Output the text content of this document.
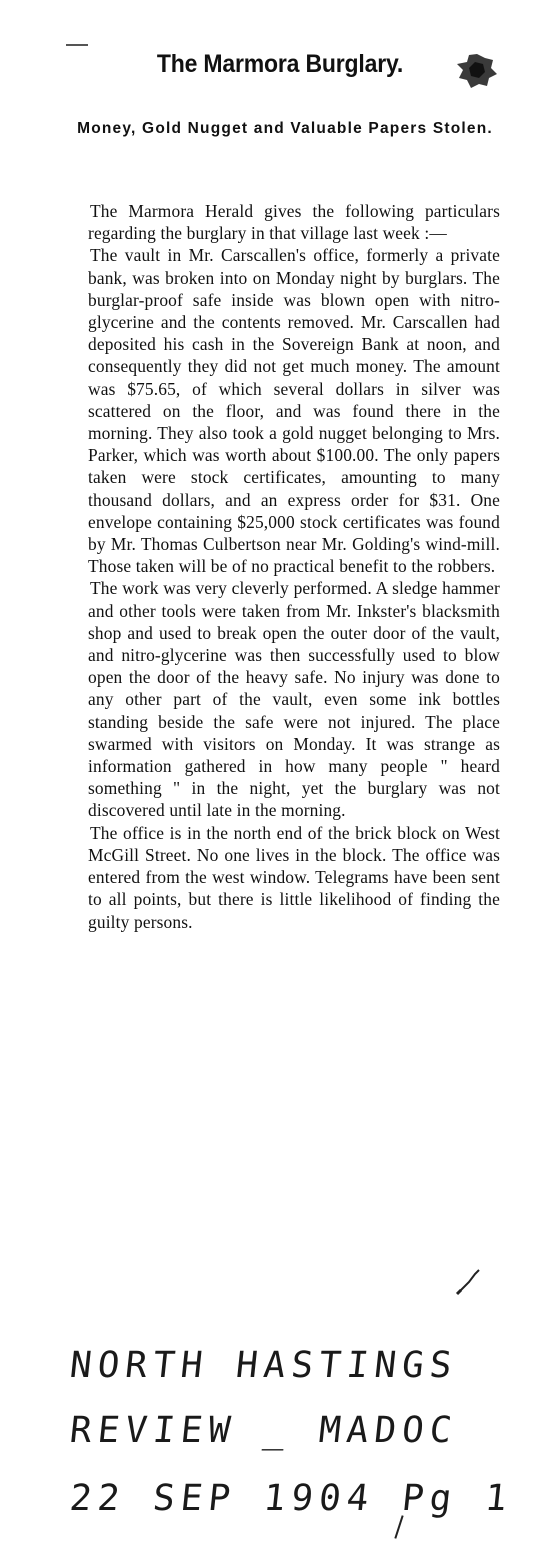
The Marmora Burglary.
Money, Gold Nugget and Valuable Papers Stolen.

The Marmora Herald gives the following particulars regarding the burglary in that village last week :—

The vault in Mr. Carscallen's office, formerly a private bank, was broken into on Monday night by burglars. The burglar-proof safe inside was blown open with nitro-glycerine and the contents removed. Mr. Carscallen had deposited his cash in the Sovereign Bank at noon, and consequently they did not get much money. The amount was $75.65, of which several dollars in silver was scattered on the floor, and was found there in the morning. They also took a gold nugget belonging to Mrs. Parker, which was worth about $100.00. The only papers taken were stock certificates, amounting to many thousand dollars, and an express order for $31. One envelope containing $25,000 stock certificates was found by Mr. Thomas Culbertson near Mr. Golding's wind-mill. Those taken will be of no practical benefit to the robbers.

The work was very cleverly performed. A sledge hammer and other tools were taken from Mr. Inkster's blacksmith shop and used to break open the outer door of the vault, and nitro-glycerine was then successfully used to blow open the door of the heavy safe. No injury was done to any other part of the vault, even some ink bottles standing beside the safe were not injured. The place swarmed with visitors on Monday. It was strange as information gathered in how many people " heard something " in the night, yet the burglary was not discovered until late in the morning.

The office is in the north end of the brick block on West McGill Street. No one lives in the block. The office was entered from the west window. Telegrams have been sent to all points, but there is little likelihood of finding the guilty persons.

NORTH HASTINGS
REVIEW _ MADOC
22 SEP 1904 Pg 1
